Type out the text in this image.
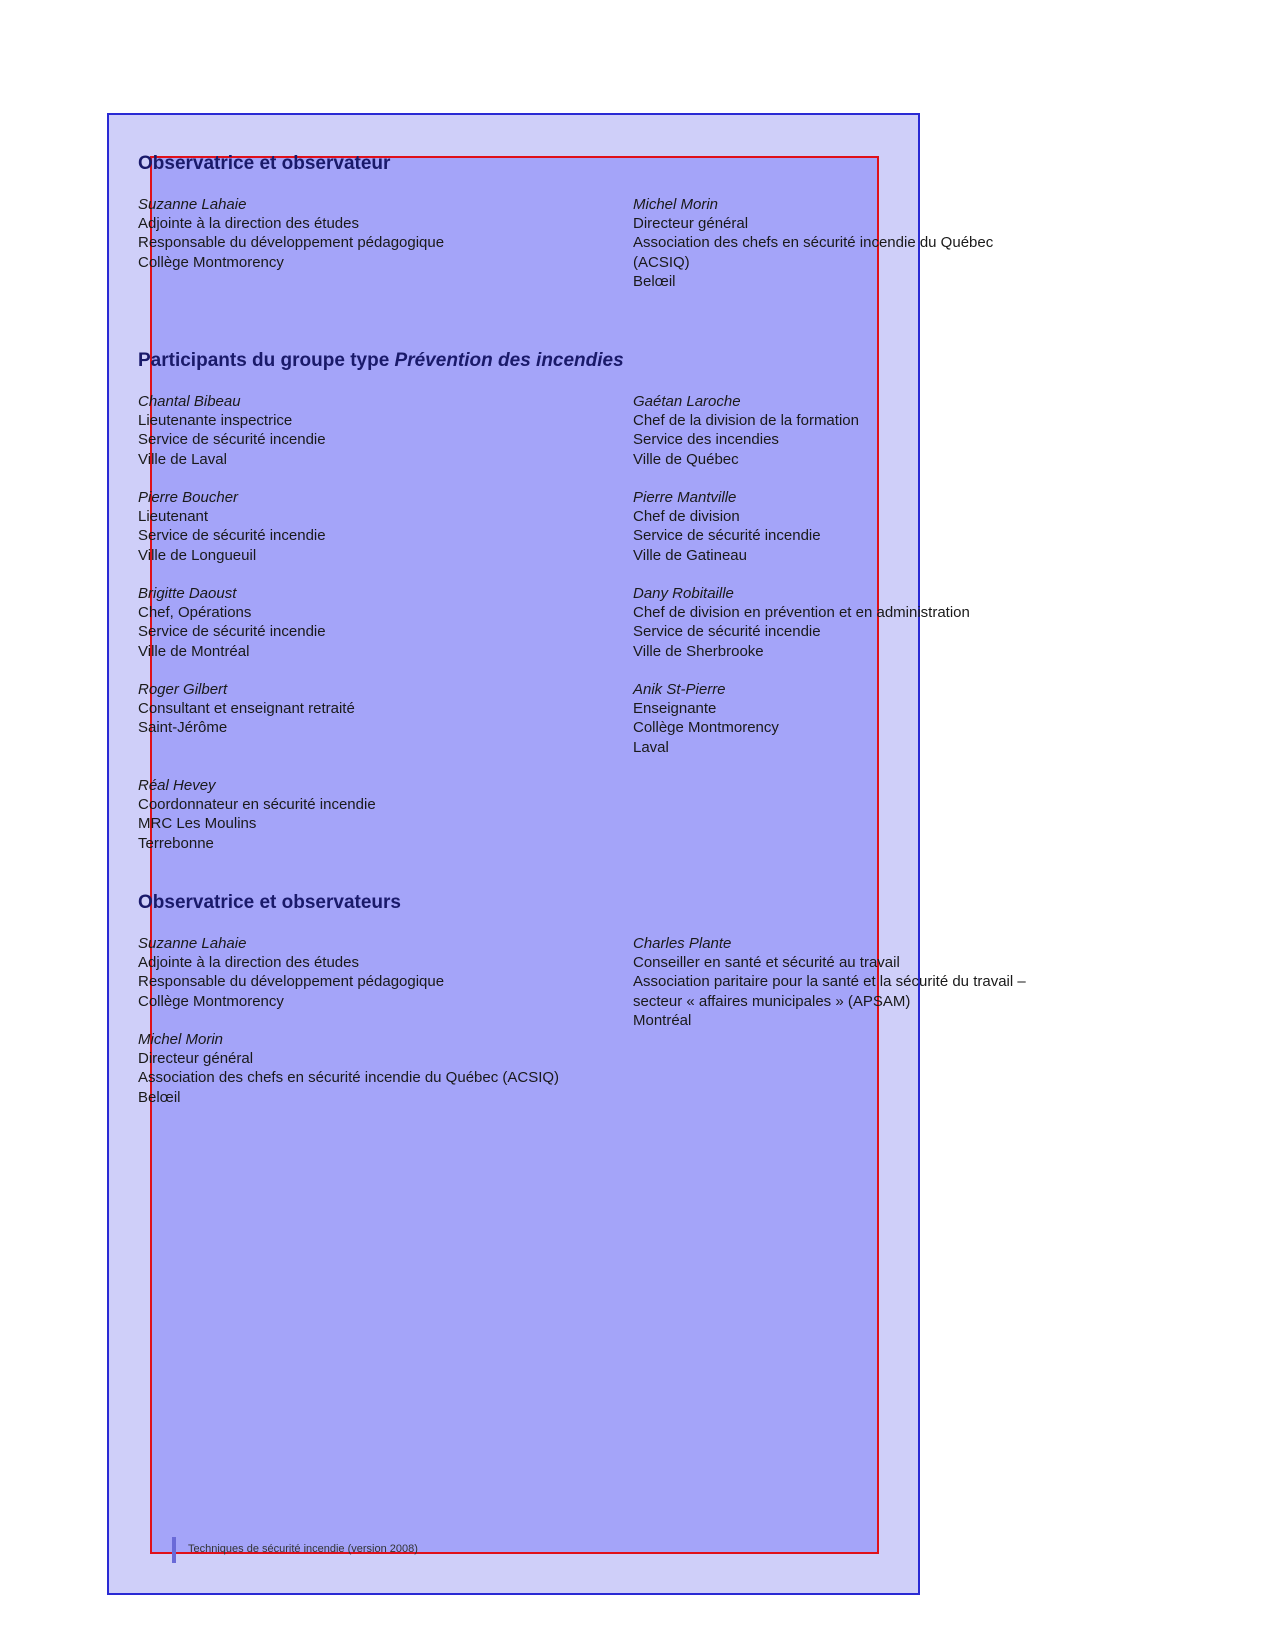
Observatrice et observateur
Suzanne Lahaie
Adjointe à la direction des études
Responsable du développement pédagogique
Collège Montmorency
Michel Morin
Directeur général
Association des chefs en sécurité incendie du Québec
(ACSIQ)
Belœil
Participants du groupe type Prévention des incendies
Chantal Bibeau
Lieutenante inspectrice
Service de sécurité incendie
Ville de Laval
Gaétan Laroche
Chef de la division de la formation
Service des incendies
Ville de Québec
Pierre Boucher
Lieutenant
Service de sécurité incendie
Ville de Longueuil
Pierre Mantville
Chef de division
Service de sécurité incendie
Ville de Gatineau
Brigitte Daoust
Chef, Opérations
Service de sécurité incendie
Ville de Montréal
Dany Robitaille
Chef de division en prévention et en administration
Service de sécurité incendie
Ville de Sherbrooke
Roger Gilbert
Consultant et enseignant retraité
Saint-Jérôme
Anik St-Pierre
Enseignante
Collège Montmorency
Laval
Réal Hevey
Coordonnateur en sécurité incendie
MRC Les Moulins
Terrebonne
Observatrice et observateurs
Suzanne Lahaie
Adjointe à la direction des études
Responsable du développement pédagogique
Collège Montmorency
Charles Plante
Conseiller en santé et sécurité au travail
Association paritaire pour la santé et la sécurité du travail –
secteur « affaires municipales » (APSAM)
Montréal
Michel Morin
Directeur général
Association des chefs en sécurité incendie du Québec (ACSIQ)
Belœil
Techniques de sécurité incendie (version 2008)
